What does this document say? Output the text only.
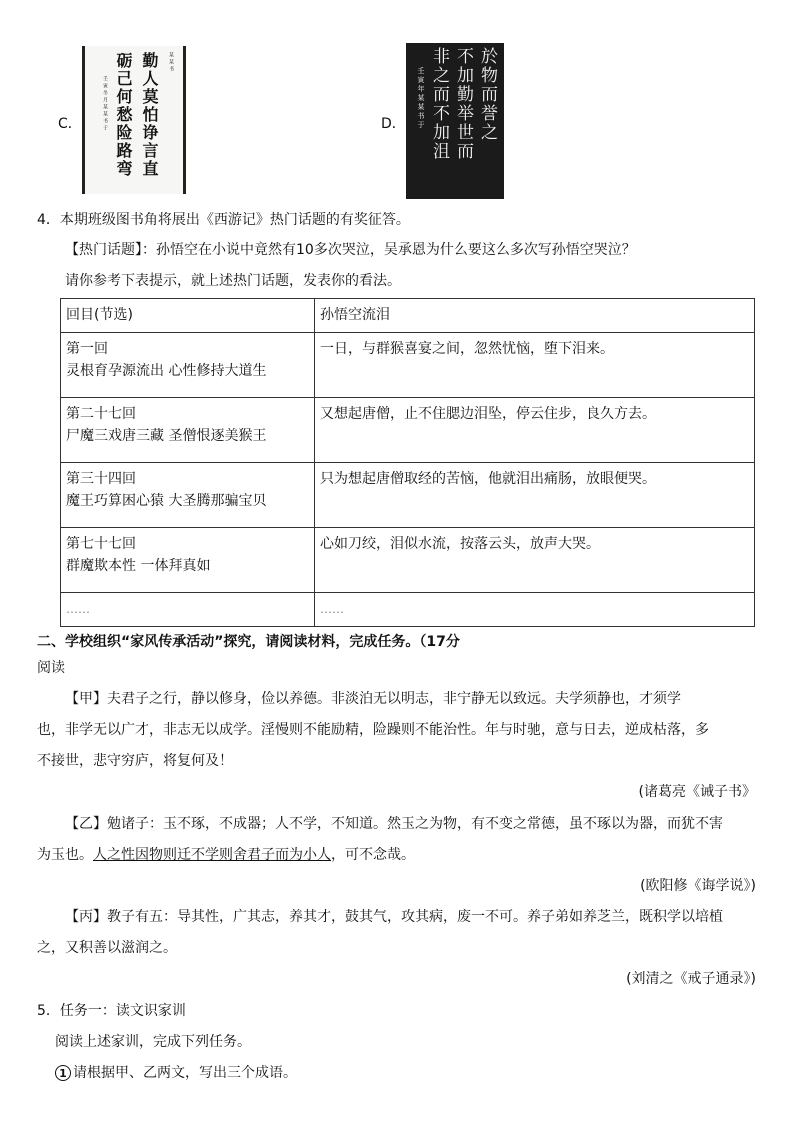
C．
某某书
勤人莫怕诤言直
砺己何愁险路弯
壬寅冬月某某书于	D．	於物而誉之
不加勤举世而
非之而不加沮
壬寅年某某书于
4．本期班级图书角将展出《西游记》热门话题的有奖征答。
【热门话题】：孙悟空在小说中竟然有10多次哭泣，吴承恩为什么要这么多次写孙悟空哭泣？
请你参考下表提示，就上述热门话题，发表你的看法。
回目(节选)	孙悟空流泪

第一回
灵根育孕源流出 心性修持大道生	一日，与群猴喜宴之间，忽然忧恼，堕下泪来。

第二十七回
尸魔三戏唐三藏 圣僧恨逐美猴王	又想起唐僧，止不住腮边泪坠，停云住步，良久方去。

第三十四回
魔王巧算困心猿 大圣腾那骗宝贝	只为想起唐僧取经的苦恼，他就泪出痛肠，放眼便哭。

第七十七回
群魔欺本性 一体拜真如	心如刀绞，泪似水流，按落云头，放声大哭。
……	……
二、学校组织“家风传承活动”探究，请阅读材料，完成任务。（17分
阅读
【甲】夫君子之行，静以修身，俭以养德。非淡泊无以明志，非宁静无以致远。夫学须静也，才须学
也，非学无以广才，非志无以成学。淫慢则不能励精，险躁则不能治性。年与时驰，意与日去，逆成枯落，多
不接世，悲守穷庐，将复何及！
(诸葛亮《诫子书》
【乙】勉诸子：玉不琢，不成器；人不学，不知道。然玉之为物，有不变之常德，虽不琢以为器，而犹不害
为玉也。人之性因物则迁不学则舍君子而为小人，可不念哉。
(欧阳修《诲学说》)
【丙】教子有五：导其性，广其志，养其才，鼓其气，攻其病，废一不可。养子弟如养芝兰，既积学以培植
之，又积善以滋润之。
(刘清之《戒子通录》)
5．任务一：读文识家训
阅读上述家训，完成下列任务。
1 请根据甲、乙两文，写出三个成语。
